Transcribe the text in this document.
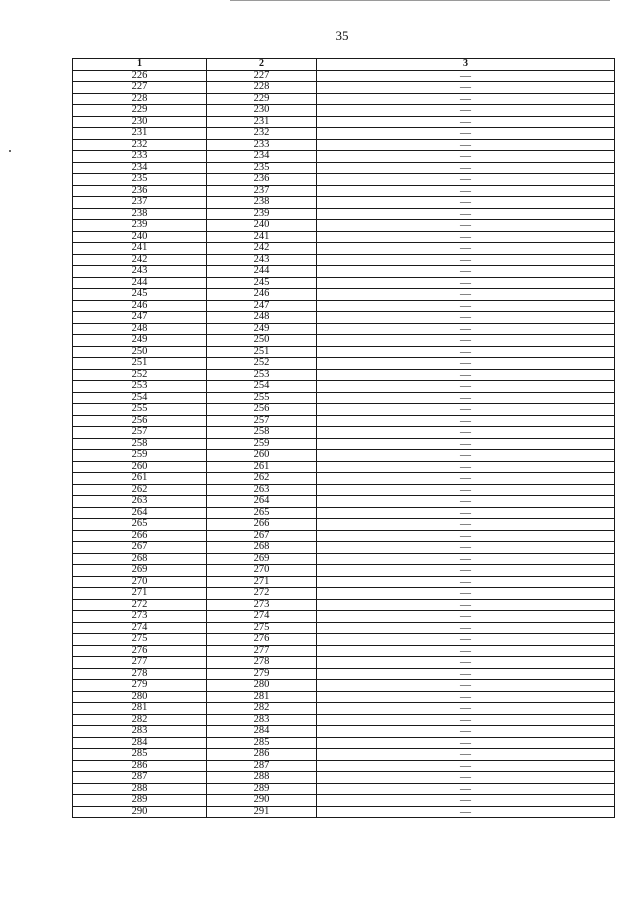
35
1	2	3
226	227	—
227	228	—
228	229	—
229	230	—
230	231	—
231	232	—
232	233	—
233	234	—
234	235	—
235	236	—
236	237	—
237	238	—
238	239	—
239	240	—
240	241	—
241	242	—
242	243	—
243	244	—
244	245	—
245	246	—
246	247	—
247	248	—
248	249	—
249	250	—
250	251	—
251	252	—
252	253	—
253	254	—
254	255	—
255	256	—
256	257	—
257	258	—
258	259	—
259	260	—
260	261	—
261	262	—
262	263	—
263	264	—
264	265	—
265	266	—
266	267	—
267	268	—
268	269	—
269	270	—
270	271	—
271	272	—
272	273	—
273	274	—
274	275	—
275	276	—
276	277	—
277	278	—
278	279	—
279	280	—
280	281	—
281	282	—
282	283	—
283	284	—
284	285	—
285	286	—
286	287	—
287	288	—
288	289	—
289	290	—
290	291	—
